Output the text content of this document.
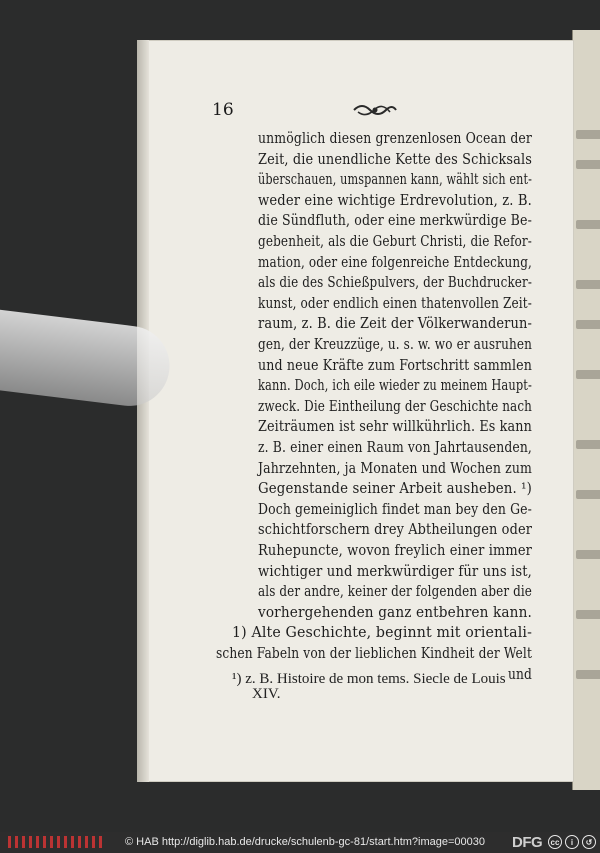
16
unmöglich diesen grenzenlosen Ocean der
Zeit, die unendliche Kette des Schicksals
überschauen, umspannen kann, wählt sich ent-
weder eine wichtige Erdrevolution, z. B.
die Sündfluth, oder eine merkwürdige Be-
gebenheit, als die Geburt Christi, die Refor-
mation, oder eine folgenreiche Entdeckung,
als die des Schießpulvers, der Buchdrucker-
kunst, oder endlich einen thatenvollen Zeit-
raum, z. B. die Zeit der Völkerwanderun-
gen, der Kreuzzüge, u. s. w. wo er ausruhen
und neue Kräfte zum Fortschritt sammlen
kann. Doch, ich eile wieder zu meinem Haupt-
zweck. Die Eintheilung der Geschichte nach
Zeiträumen ist sehr willkührlich. Es kann
z. B. einer einen Raum von Jahrtausenden,
Jahrzehnten, ja Monaten und Wochen zum
Gegenstande seiner Arbeit ausheben. ¹)
Doch gemeiniglich findet man bey den Ge-
schichtforschern drey Abtheilungen oder
Ruhepuncte, wovon freylich einer immer
wichtiger und merkwürdiger für uns ist,
als der andre, keiner der folgenden aber die
vorhergehenden ganz entbehren kann.
1) Alte Geschichte, beginnt mit orientali-
schen Fabeln von der lieblichen Kindheit der Welt
und
¹) z. B. Histoire de mon tems. Siecle de Louis
XIV.
© HAB http://diglib.hab.de/drucke/schulenb-gc-81/start.htm?image=00030 DFG	cc	i	↺
